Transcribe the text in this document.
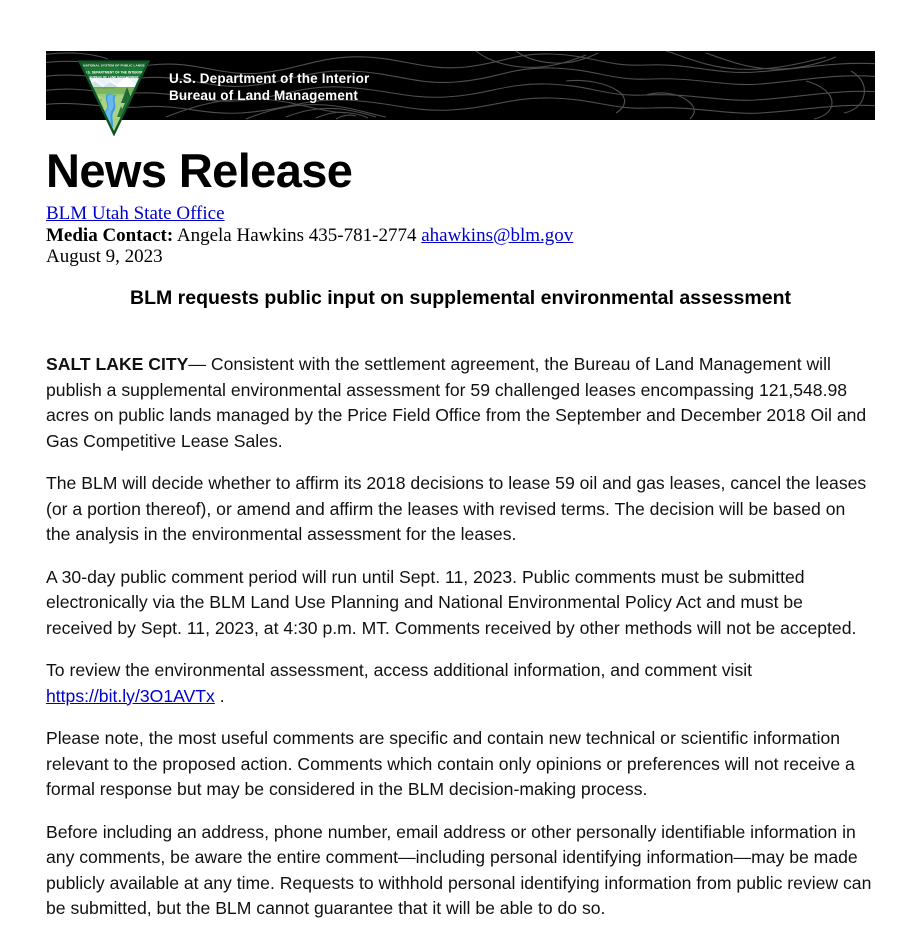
NATIONAL SYSTEM OF PUBLIC LANDS
U.S. DEPARTMENT OF THE INTERIOR
BUREAU OF LAND MANAGEMENT U.S. Department of the Interior
Bureau of Land Management
News Release
BLM Utah State Office
Media Contact: Angela Hawkins 435-781-2774 ahawkins@blm.gov
August 9, 2023
BLM requests public input on supplemental environmental assessment

SALT LAKE CITY— Consistent with the settlement agreement, the Bureau of Land Management will publish a supplemental environmental assessment for 59 challenged leases encompassing 121,548.98 acres on public lands managed by the Price Field Office from the September and December 2018 Oil and Gas Competitive Lease Sales.

The BLM will decide whether to affirm its 2018 decisions to lease 59 oil and gas leases, cancel the leases (or a portion thereof), or amend and affirm the leases with revised terms. The decision will be based on the analysis in the environmental assessment for the leases.

A 30-day public comment period will run until Sept. 11, 2023. Public comments must be submitted electronically via the BLM Land Use Planning and National Environmental Policy Act and must be received by Sept. 11, 2023, at 4:30 p.m. MT. Comments received by other methods will not be accepted.

To review the environmental assessment, access additional information, and comment visit https://bit.ly/3O1AVTx .

Please note, the most useful comments are specific and contain new technical or scientific information relevant to the proposed action. Comments which contain only opinions or preferences will not receive a formal response but may be considered in the BLM decision-making process.

Before including an address, phone number, email address or other personally identifiable information in any comments, be aware the entire comment—including personal identifying information—may be made publicly available at any time. Requests to withhold personal identifying information from public review can be submitted, but the BLM cannot guarantee that it will be able to do so.
